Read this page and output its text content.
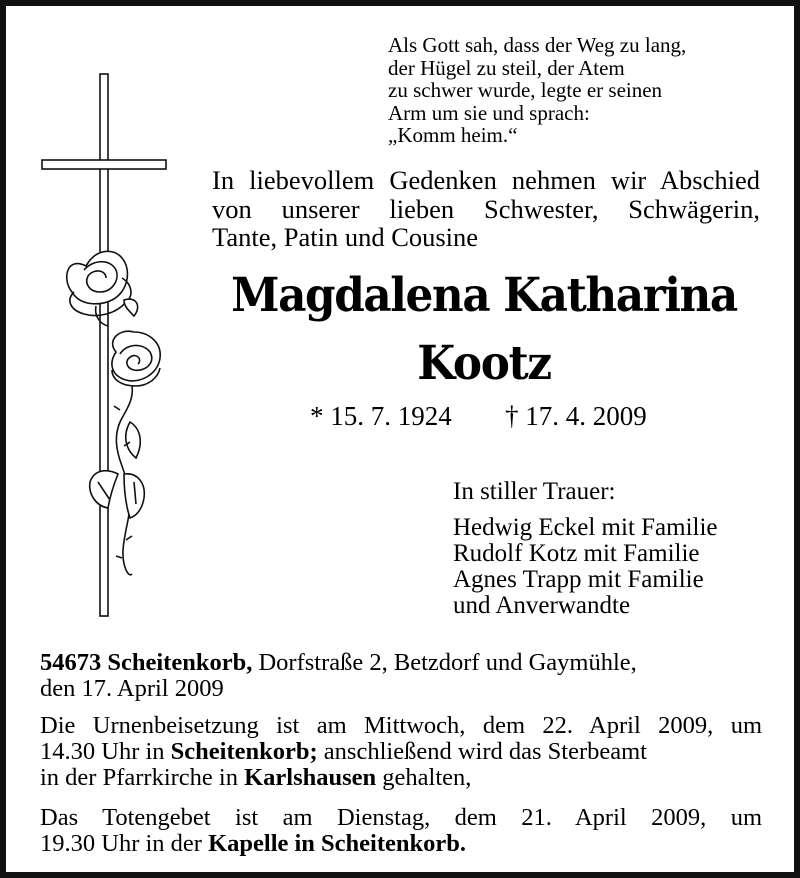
Als Gott sah, dass der Weg zu lang,
der Hügel zu steil, der Atem
zu schwer wurde, legte er seinen
Arm um sie und sprach:
„Komm heim.“
In liebevollem Gedenken nehmen wir Abschied
von unserer lieben Schwester, Schwägerin,
Tante, Patin und Cousine
Magdalena Katharina
Kootz
* 15. 7. 1924 † 17. 4. 2009
In stiller Trauer:
Hedwig Eckel mit Familie
Rudolf Kotz mit Familie
Agnes Trapp mit Familie
und Anverwandte
54673 Scheitenkorb, Dorfstraße 2, Betzdorf und Gaymühle,
den 17. April 2009
Die Urnenbeisetzung ist am Mittwoch, dem 22. April 2009, um
14.30 Uhr in Scheitenkorb; anschließend wird das Sterbeamt
in der Pfarrkirche in Karlshausen gehalten,
Das Totengebet ist am Dienstag, dem 21. April 2009, um
19.30 Uhr in der Kapelle in Scheitenkorb.
